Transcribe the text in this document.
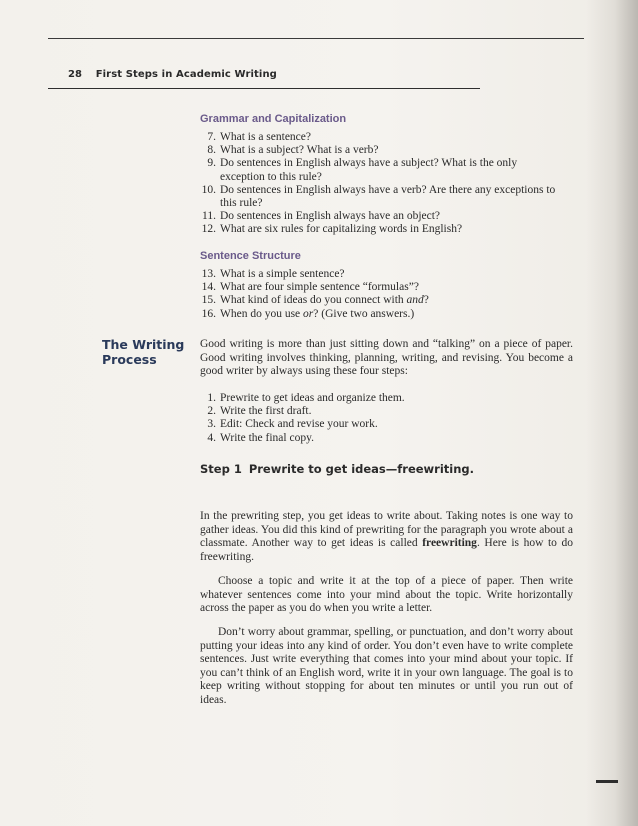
28 First Steps in Academic Writing
Grammar and Capitalization
7. What is a sentence?
8. What is a subject? What is a verb?
9. Do sentences in English always have a subject? What is the only exception to this rule?
10. Do sentences in English always have a verb? Are there any exceptions to this rule?
11. Do sentences in English always have an object?
12. What are six rules for capitalizing words in English?
Sentence Structure
13. What is a simple sentence?
14. What are four simple sentence “formulas”?
15. What kind of ideas do you connect with and?
16. When do you use or? (Give two answers.)
The Writing
Process
Good writing is more than just sitting down and “talking” on a piece of paper. Good writing involves thinking, planning, writing, and revising. You become a good writer by always using these four steps:
1. Prewrite to get ideas and organize them.
2. Write the first draft.
3. Edit: Check and revise your work.
4. Write the final copy.
Step 1 Prewrite to get ideas—freewriting.
In the prewriting step, you get ideas to write about. Taking notes is one way to gather ideas. You did this kind of prewriting for the paragraph you wrote about a classmate. Another way to get ideas is called freewriting. Here is how to do freewriting.
Choose a topic and write it at the top of a piece of paper. Then write whatever sentences come into your mind about the topic. Write horizontally across the paper as you do when you write a letter.
Don’t worry about grammar, spelling, or punctuation, and don’t worry about putting your ideas into any kind of order. You don’t even have to write complete sentences. Just write everything that comes into your mind about your topic. If you can’t think of an English word, write it in your own language. The goal is to keep writing without stopping for about ten minutes or until you run out of ideas.
